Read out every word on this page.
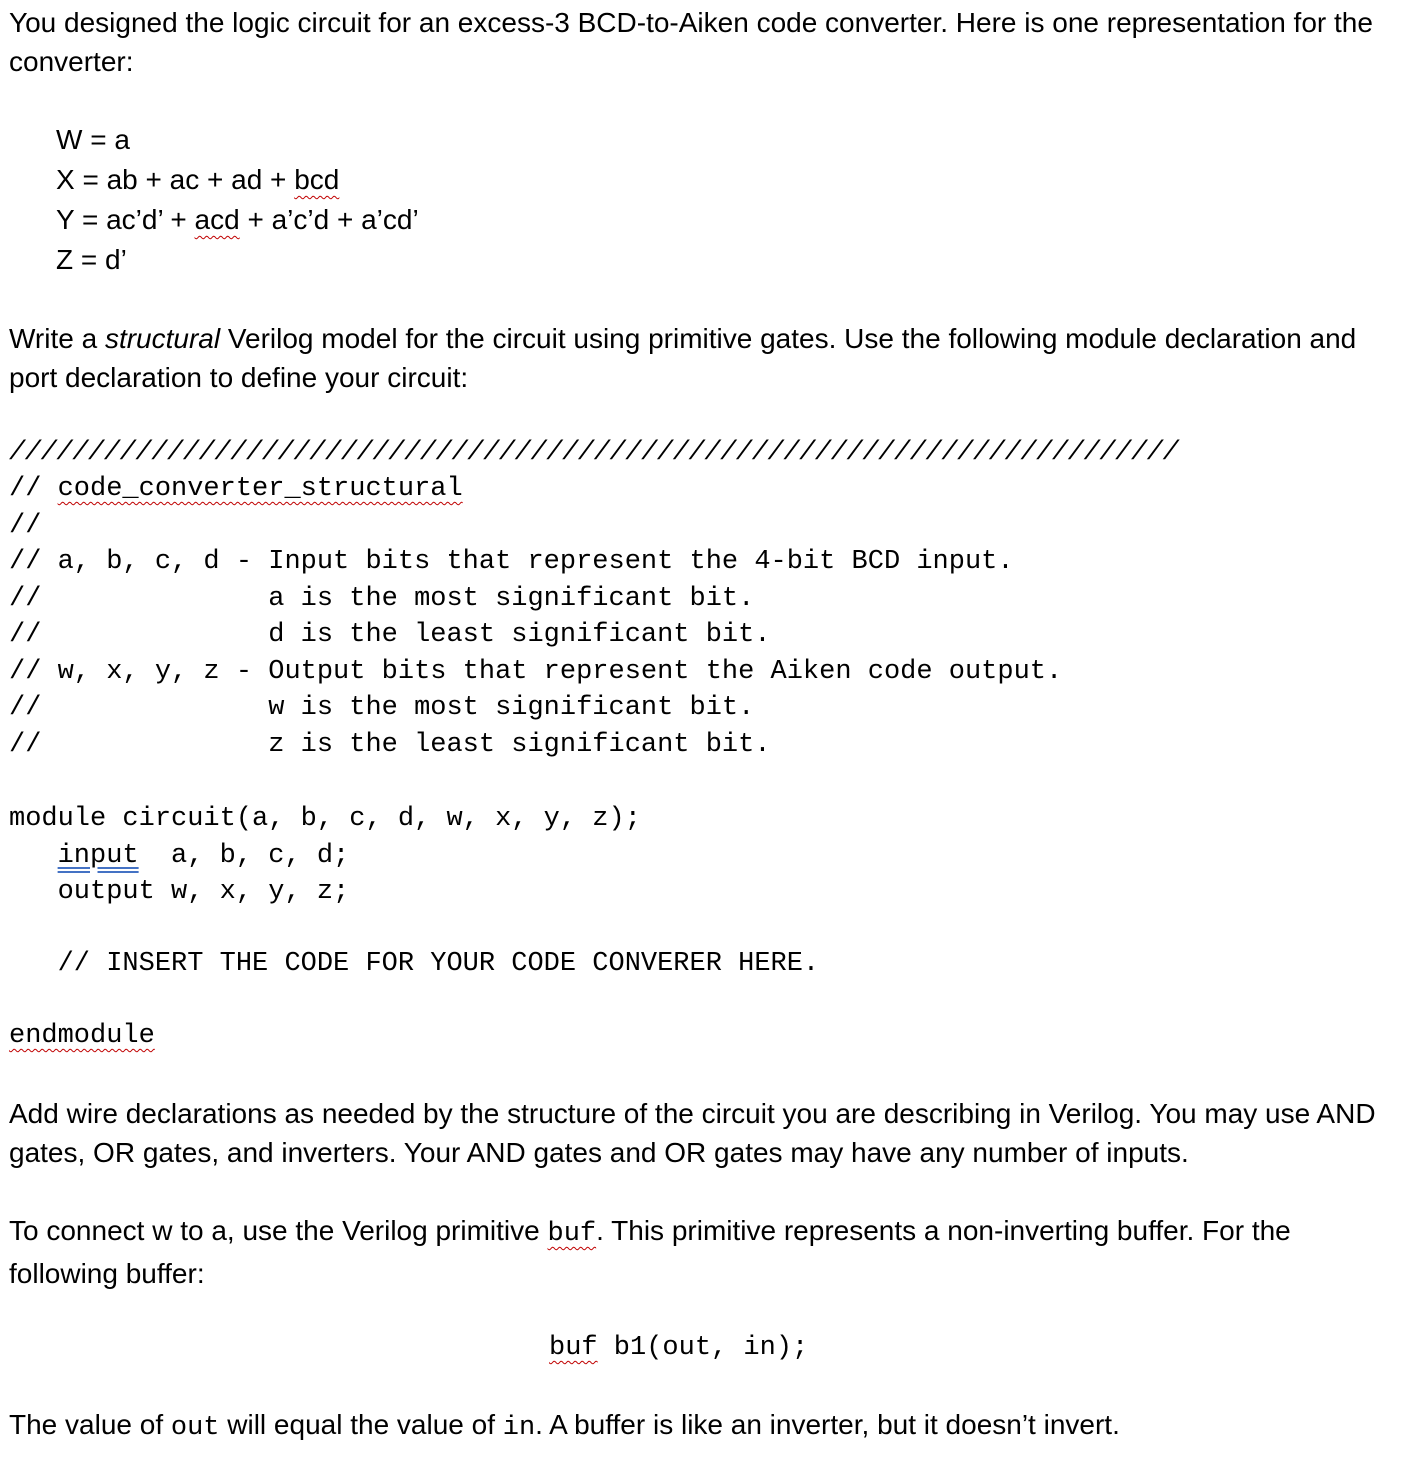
You designed the logic circuit for an excess-3 BCD-to-Aiken code converter. Here is one representation for the converter:
W = a
X = ab + ac + ad + bcd
Y = ac’d’ + acd + a’c’d + a’cd’
Z = d’
Write a structural Verilog model for the circuit using primitive gates. Use the following module declaration and port declaration to define your circuit:
//////////////////////////////////////////////////////////////////////////
// code_converter_structural
//
// a, b, c, d - Input bits that represent the 4-bit BCD input.
//              a is the most significant bit.
//              d is the least significant bit.
// w, x, y, z - Output bits that represent the Aiken code output.
//              w is the most significant bit.
//              z is the least significant bit.
module circuit(a, b, c, d, w, x, y, z);
input  a, b, c, d;
output w, x, y, z;
// INSERT THE CODE FOR YOUR CODE CONVERER HERE.
endmodule
Add wire declarations as needed by the structure of the circuit you are describing in Verilog. You may use AND gates, OR gates, and inverters. Your AND gates and OR gates may have any number of inputs.
To connect w to a, use the Verilog primitive buf. This primitive represents a non-inverting buffer. For the following buffer:
buf b1(out, in);
The value of out will equal the value of in. A buffer is like an inverter, but it doesn’t invert.
